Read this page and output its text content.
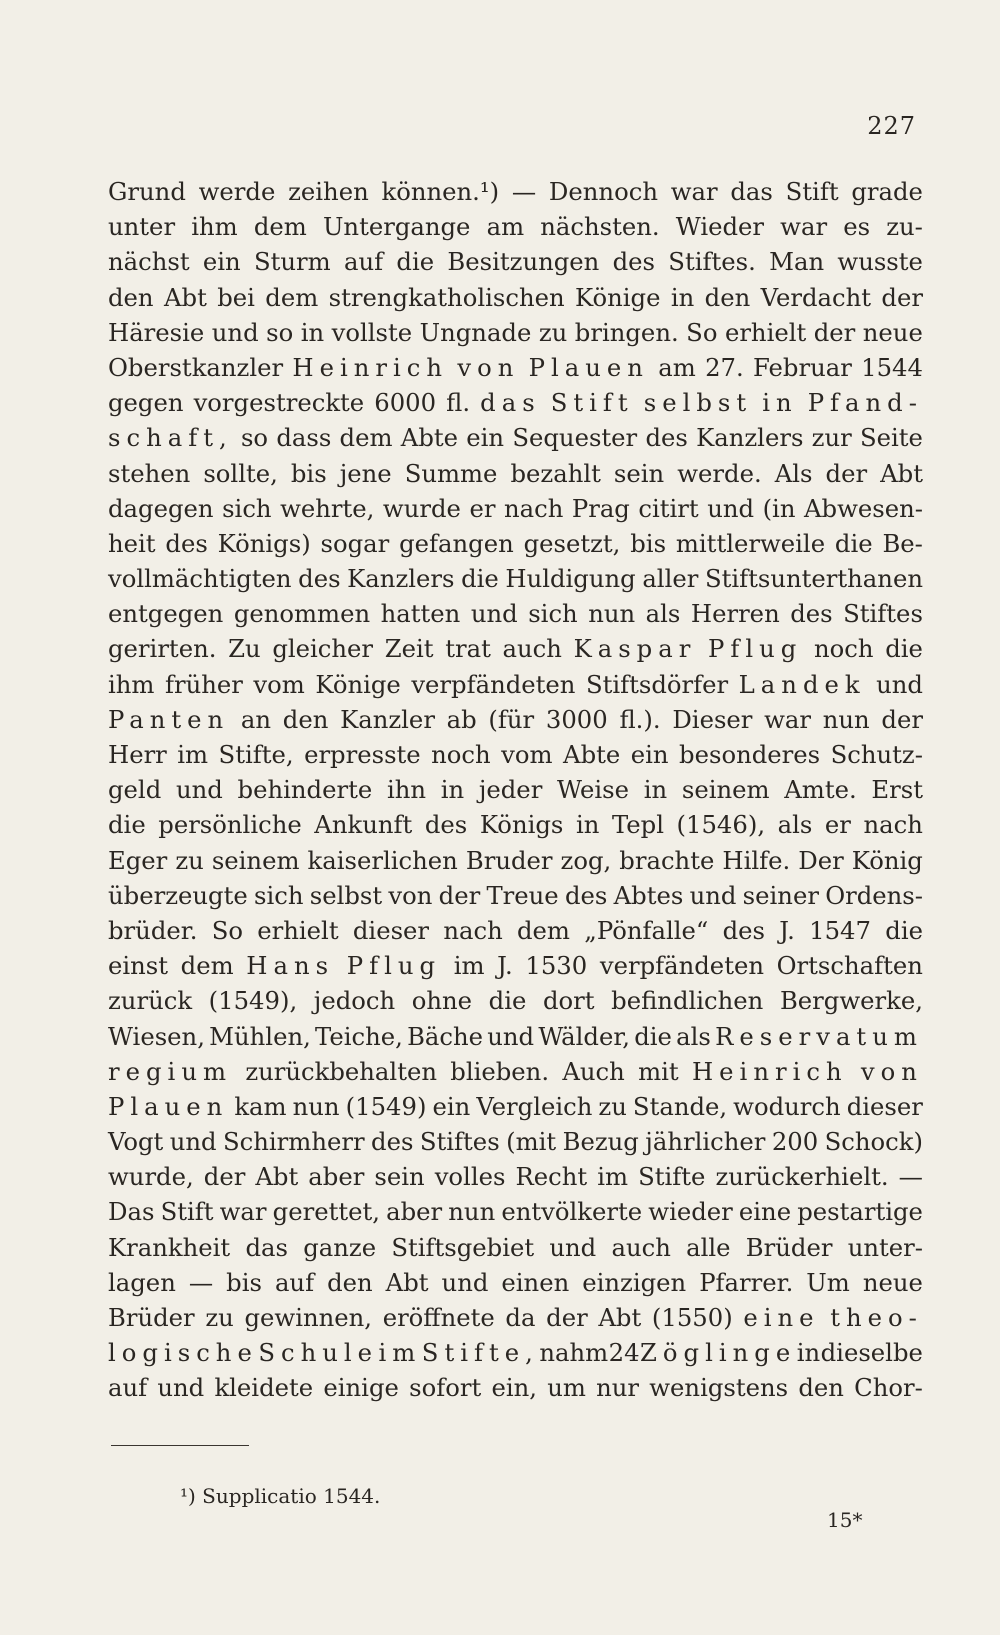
227
Grund werde zeihen können.¹) — Dennoch war das Stift grade
unter ihm dem Untergange am nächsten. Wieder war es zu-
nächst ein Sturm auf die Besitzungen des Stiftes. Man wusste
den Abt bei dem strengkatholischen Könige in den Verdacht der
Häresie und so in vollste Ungnade zu bringen. So erhielt der neue
Oberstkanzler Heinrich von Plauen am 27. Februar 1544
gegen vorgestreckte 6000 fl. das Stift selbst in Pfand-
schaft, so dass dem Abte ein Sequester des Kanzlers zur Seite
stehen sollte, bis jene Summe bezahlt sein werde. Als der Abt
dagegen sich wehrte, wurde er nach Prag citirt und (in Abwesen-
heit des Königs) sogar gefangen gesetzt, bis mittlerweile die Be-
vollmächtigten des Kanzlers die Huldigung aller Stiftsunterthanen
entgegen genommen hatten und sich nun als Herren des Stiftes
gerirten. Zu gleicher Zeit trat auch Kaspar Pflug noch die
ihm früher vom Könige verpfändeten Stiftsdörfer Landek und
Panten an den Kanzler ab (für 3000 fl.). Dieser war nun der
Herr im Stifte, erpresste noch vom Abte ein besonderes Schutz-
geld und behinderte ihn in jeder Weise in seinem Amte. Erst
die persönliche Ankunft des Königs in Tepl (1546), als er nach
Eger zu seinem kaiserlichen Bruder zog, brachte Hilfe. Der König
überzeugte sich selbst von der Treue des Abtes und seiner Ordens-
brüder. So erhielt dieser nach dem „Pönfalle“ des J. 1547 die
einst dem Hans Pflug im J. 1530 verpfändeten Ortschaften
zurück (1549), jedoch ohne die dort befindlichen Bergwerke,
Wiesen, Mühlen, Teiche, Bäche und Wälder, die als Reservatum
regium zurückbehalten blieben. Auch mit Heinrich von
Plauen kam nun (1549) ein Vergleich zu Stande, wodurch dieser
Vogt und Schirmherr des Stiftes (mit Bezug jährlicher 200 Schock)
wurde, der Abt aber sein volles Recht im Stifte zurückerhielt. —
Das Stift war gerettet, aber nun entvölkerte wieder eine pestartige
Krankheit das ganze Stiftsgebiet und auch alle Brüder unter-
lagen — bis auf den Abt und einen einzigen Pfarrer. Um neue
Brüder zu gewinnen, eröffnete da der Abt (1550) eine theo-
logische Schule im Stifte, nahm 24 Zöglinge in dieselbe
auf und kleidete einige sofort ein, um nur wenigstens den Chor-
¹) Supplicatio 1544.
15*
